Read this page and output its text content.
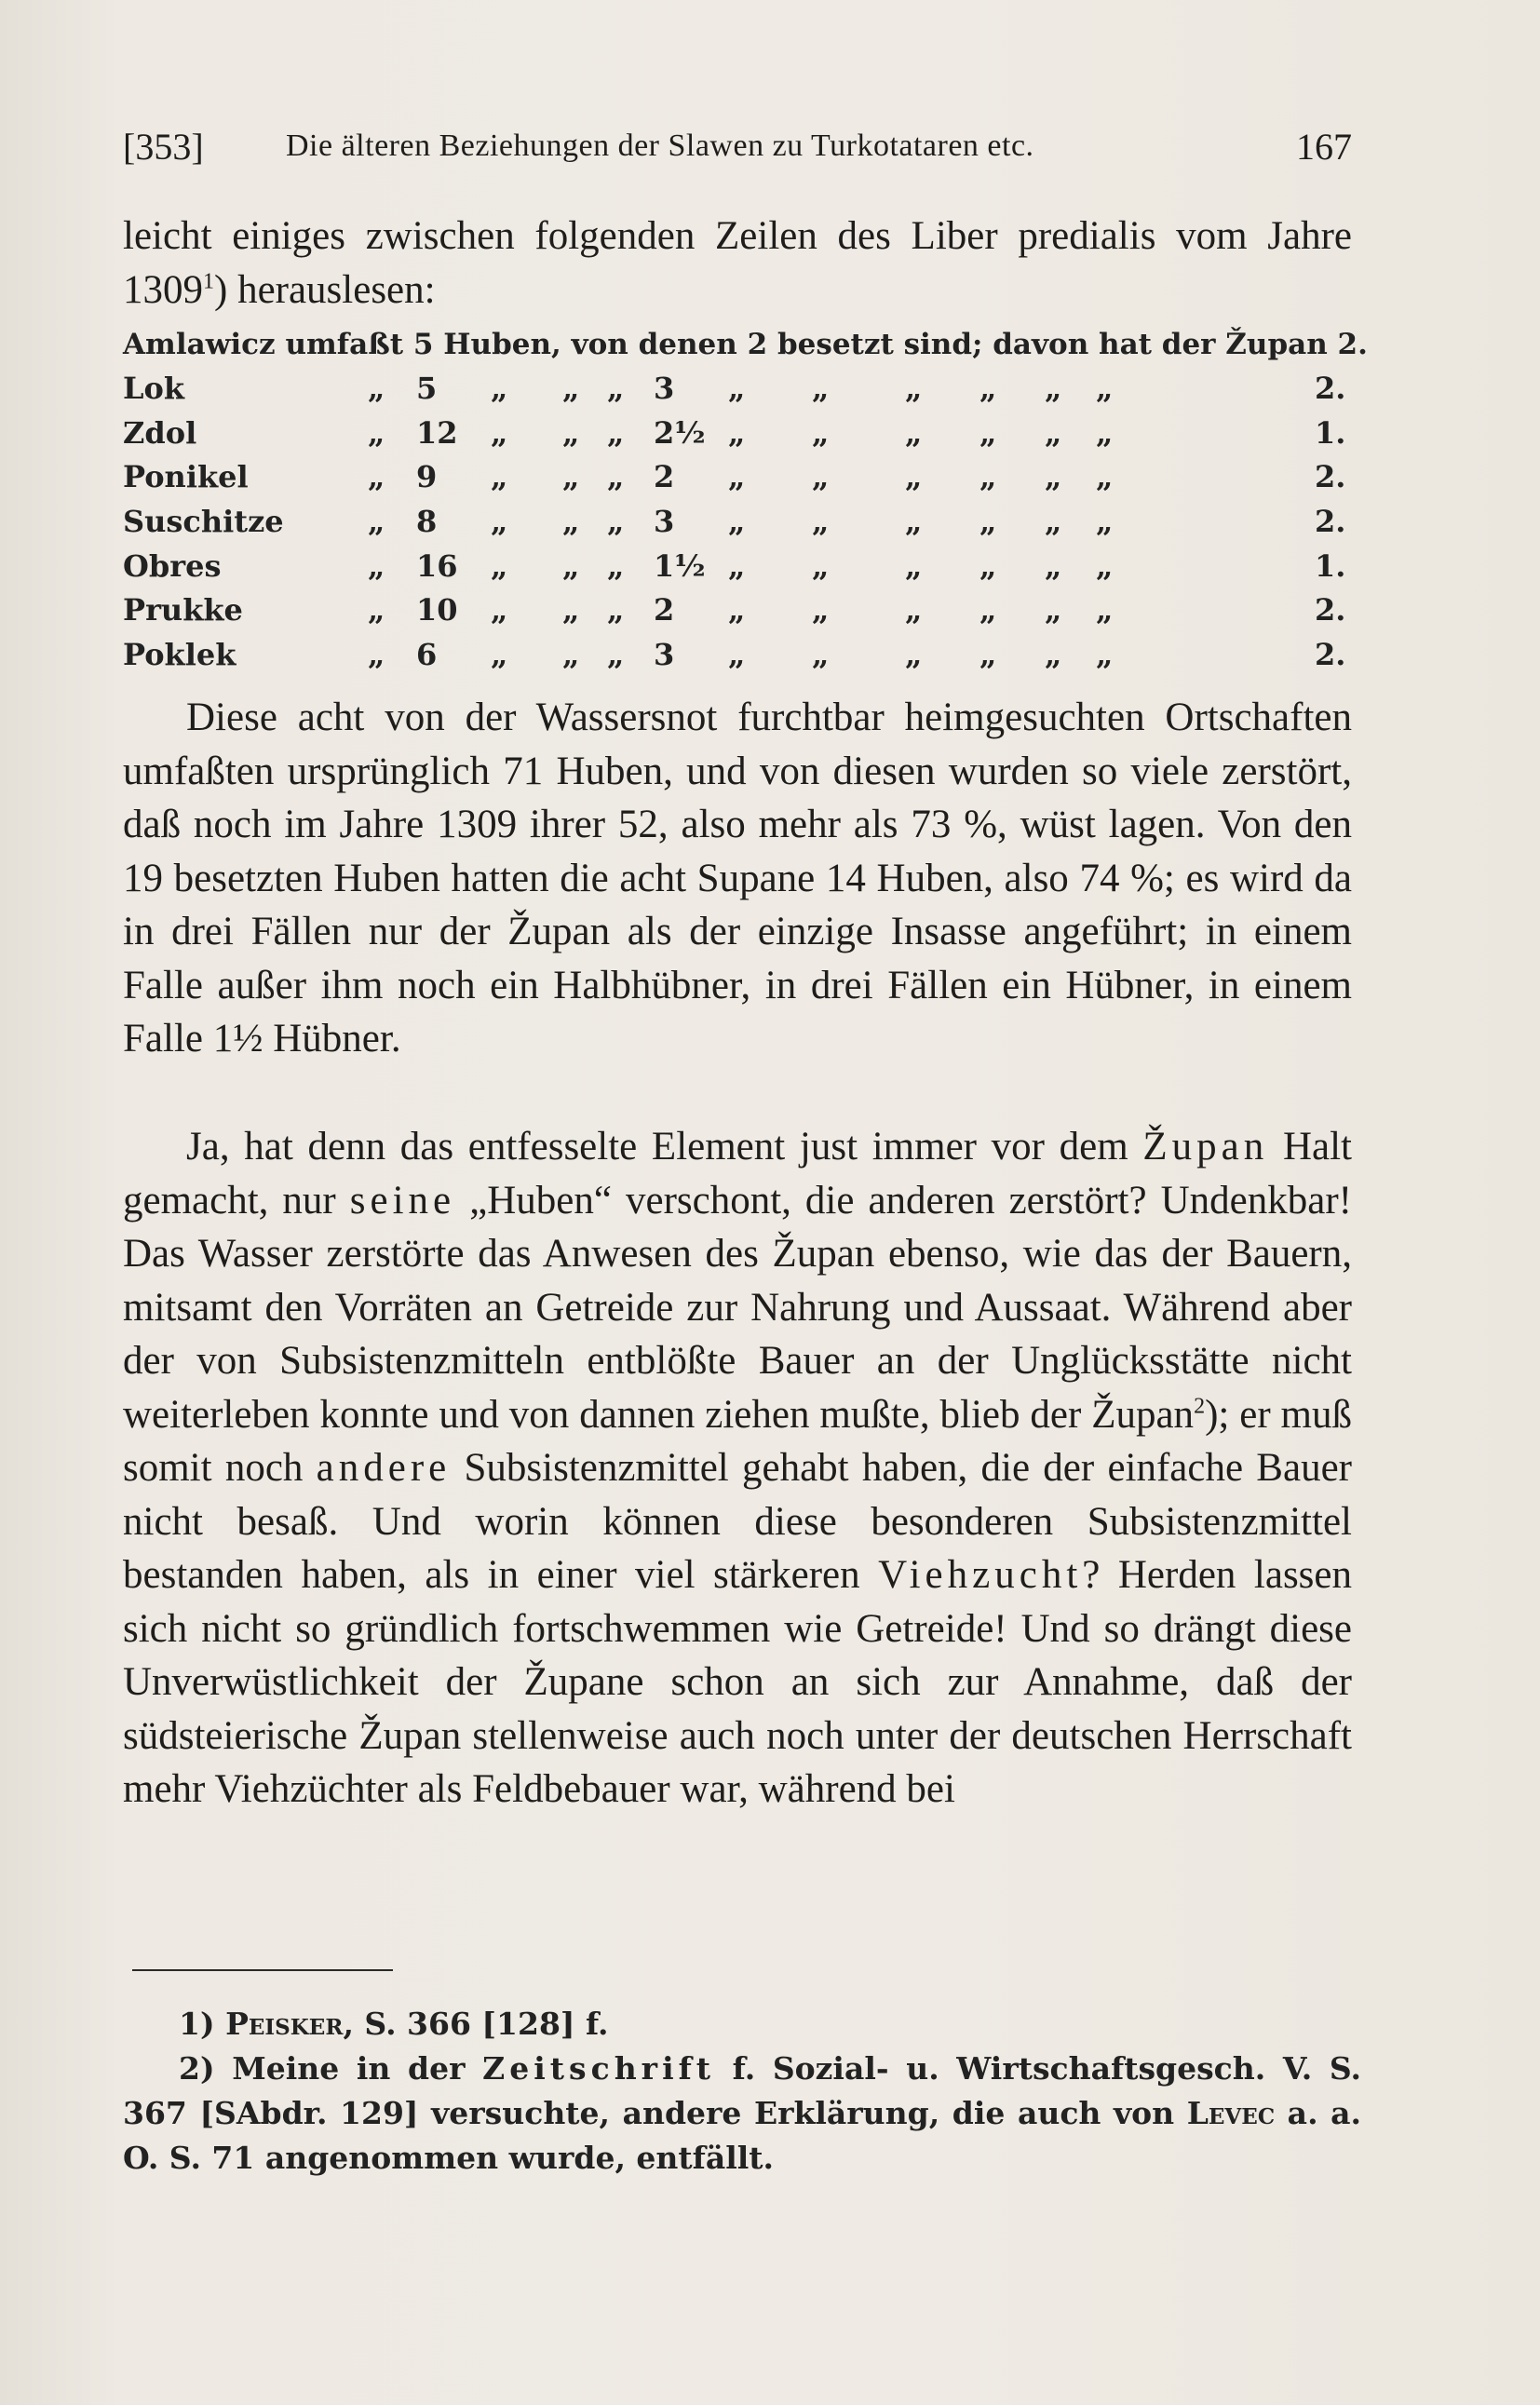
[353]	Die älteren Beziehungen der Slawen zu Turkotataren etc.	167
leicht einiges zwischen folgenden Zeilen des Liber predialis vom Jahre 1309$^1$) herauslesen:
Amlawicz umfaßt 5 Huben, von denen 2 besetzt sind; davon hat der Župan 2.
Lok	„ 5 „ „ „ 3 „ „	„ „ „ „	2.
Zdol	„ 12 „ „ „ 2½ „ „	„ „ „ „	1.
Ponikel	„ 9 „ „ „ 2 „ „	„ „ „ „	2.
Suschitze	„ 8 „ „ „ 3 „ „	„ „ „ „	2.
Obres	„ 16 „ „ „ 1½ „ „	„ „ „ „	1.
Prukke	„ 10 „ „ „ 2 „ „	„ „ „ „	2.
Poklek	„ 6 „ „ „ 3 „ „	„ „ „ „	2.
Diese acht von der Wassersnot furchtbar heimgesuchten Ortschaften umfaßten ursprünglich 71 Huben, und von diesen wurden so viele zerstört, daß noch im Jahre 1309 ihrer 52, also mehr als 73 %, wüst lagen. Von den 19 besetzten Huben hatten die acht Supane 14 Huben, also 74 %; es wird da in drei Fällen nur der Župan als der einzige Insasse angeführt; in einem Falle außer ihm noch ein Halbhübner, in drei Fällen ein Hübner, in einem Falle 1½ Hübner.
Ja, hat denn das entfesselte Element just immer vor dem Župan Halt gemacht, nur seine „Huben“ verschont, die anderen zerstört? Undenkbar! Das Wasser zerstörte das Anwesen des Župan ebenso, wie das der Bauern, mitsamt den Vorräten an Getreide zur Nahrung und Aussaat. Während aber der von Subsistenzmitteln entblößte Bauer an der Unglücksstätte nicht weiterleben konnte und von dannen ziehen mußte, blieb der Župan$^2$); er muß somit noch andere Subsistenzmittel gehabt haben, die der einfache Bauer nicht besaß. Und worin können diese besonderen Subsistenzmittel bestanden haben, als in einer viel stärkeren Viehzucht? Herden lassen sich nicht so gründlich fortschwemmen wie Getreide! Und so drängt diese Unverwüstlichkeit der Župane schon an sich zur Annahme, daß der südsteierische Župan stellenweise auch noch unter der deutschen Herrschaft mehr Viehzüchter als Feldbebauer war, während bei
1) Peisker, S. 366 [128] f.
2) Meine in der Zeitschrift f. Sozial- u. Wirtschaftsgesch. V. S. 367 [SAbdr. 129] versuchte, andere Erklärung, die auch von Levec a. a. O. S. 71 angenommen wurde, entfällt.
